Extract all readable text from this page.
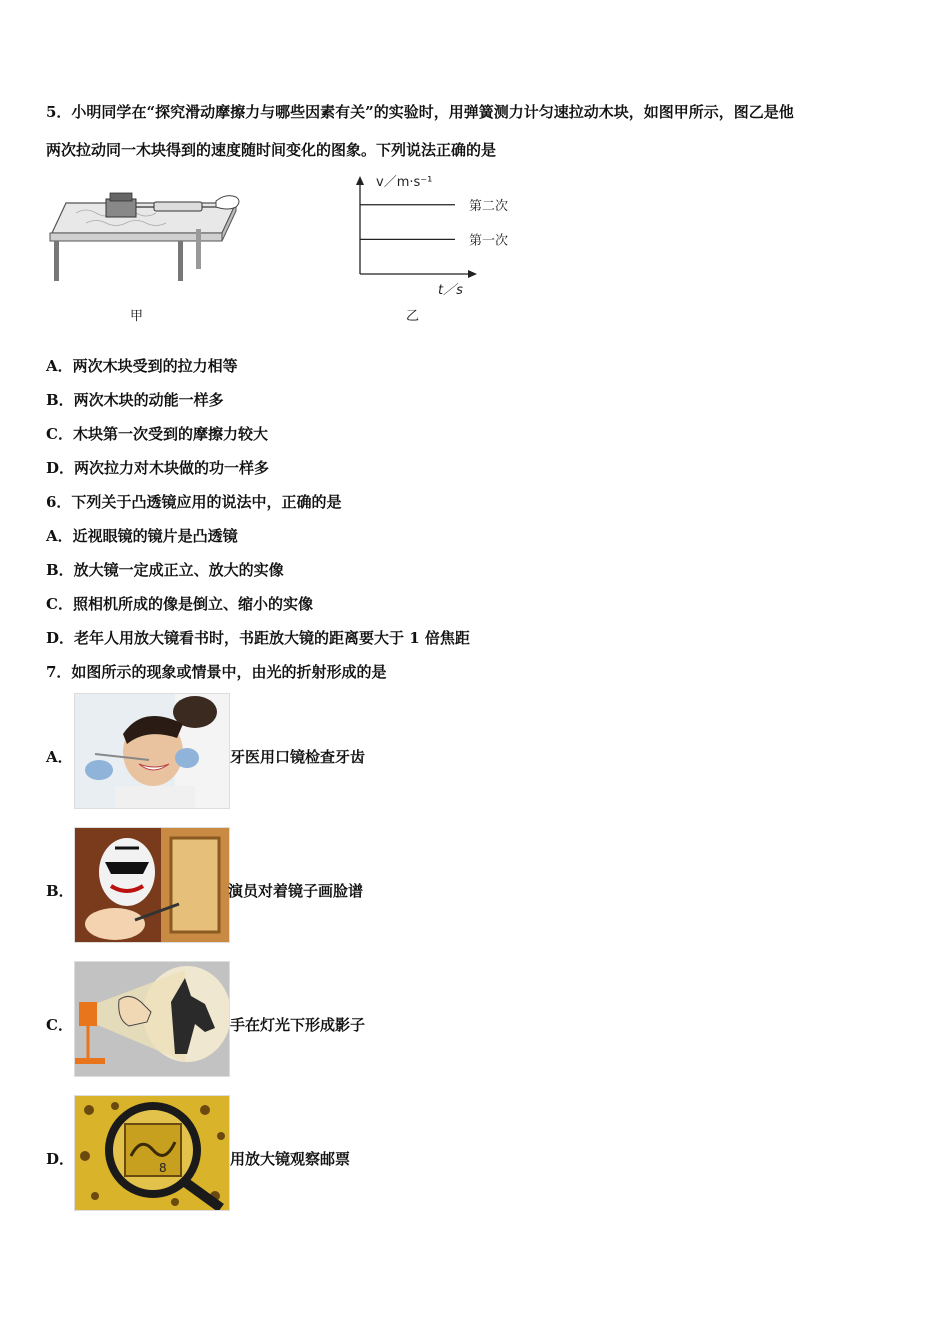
5．小明同学在“探究滑动摩擦力与哪些因素有关”的实验时，用弹簧测力计匀速拉动木块，如图甲所示，图乙是他
两次拉动同一木块得到的速度随时间变化的图象。下列说法正确的是
甲
v／m·s⁻¹
t／s
第二次
第一次
乙
A．两次木块受到的拉力相等
B．两次木块的动能一样多
C．木块第一次受到的摩擦力较大
D．两次拉力对木块做的功一样多
6．下列关于凸透镜应用的说法中，正确的是
A．近视眼镜的镜片是凸透镜
B．放大镜一定成正立、放大的实像
C．照相机所成的像是倒立、缩小的实像
D．老年人用放大镜看书时，书距放大镜的距离要大于 1 倍焦距
7．如图所示的现象或情景中，由光的折射形成的是
A．	牙医用口镜检查牙齿
B．	演员对着镜子画脸谱
C．	手在灯光下形成影子
D．	8	用放大镜观察邮票
